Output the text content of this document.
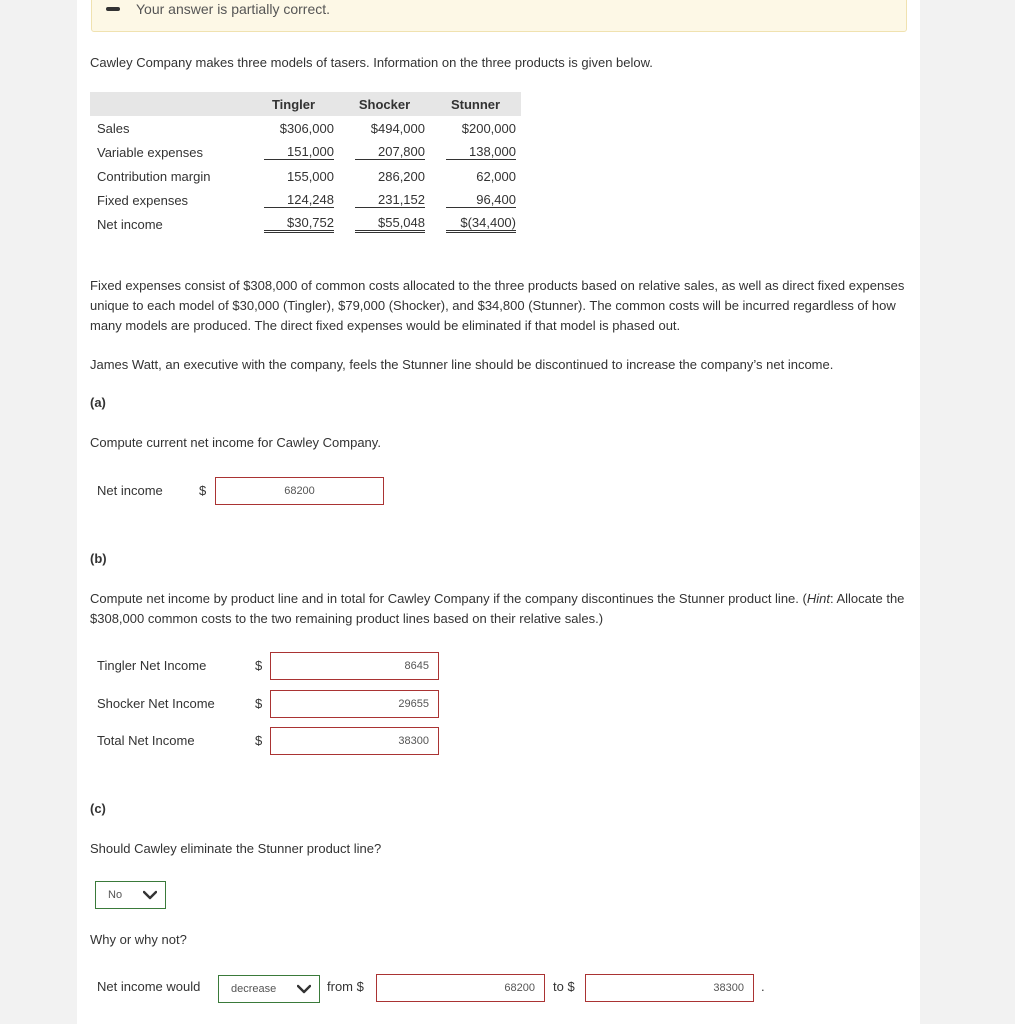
Your answer is partially correct.
Cawley Company makes three models of tasers. Information on the three products is given below.
	Tingler	Shocker	Stunner
Sales	$306,000	$494,000	$200,000
Variable expenses	151,000	207,800	138,000
Contribution margin	155,000	286,200	62,000
Fixed expenses	124,248	231,152	96,400
Net income	$30,752	$55,048	$(34,400)
Fixed expenses consist of $308,000 of common costs allocated to the three products based on relative sales, as well as direct fixed expenses unique to each model of $30,000 (Tingler), $79,000 (Shocker), and $34,800 (Stunner). The common costs will be incurred regardless of how many models are produced. The direct fixed expenses would be eliminated if that model is phased out.
James Watt, an executive with the company, feels the Stunner line should be discontinued to increase the company’s net income.
(a)
Compute current net income for Cawley Company.
Net income	$	68200
(b)
Compute net income by product line and in total for Cawley Company if the company discontinues the Stunner product line. (Hint: Allocate the $308,000 common costs to the two remaining product lines based on their relative sales.)
Tingler Net Income	$	8645
Shocker Net Income	$	29655
Total Net Income	$	38300
(c)
Should Cawley eliminate the Stunner product line?
No
Why or why not?
Net income would	decrease	from $	68200	to $	38300	.
